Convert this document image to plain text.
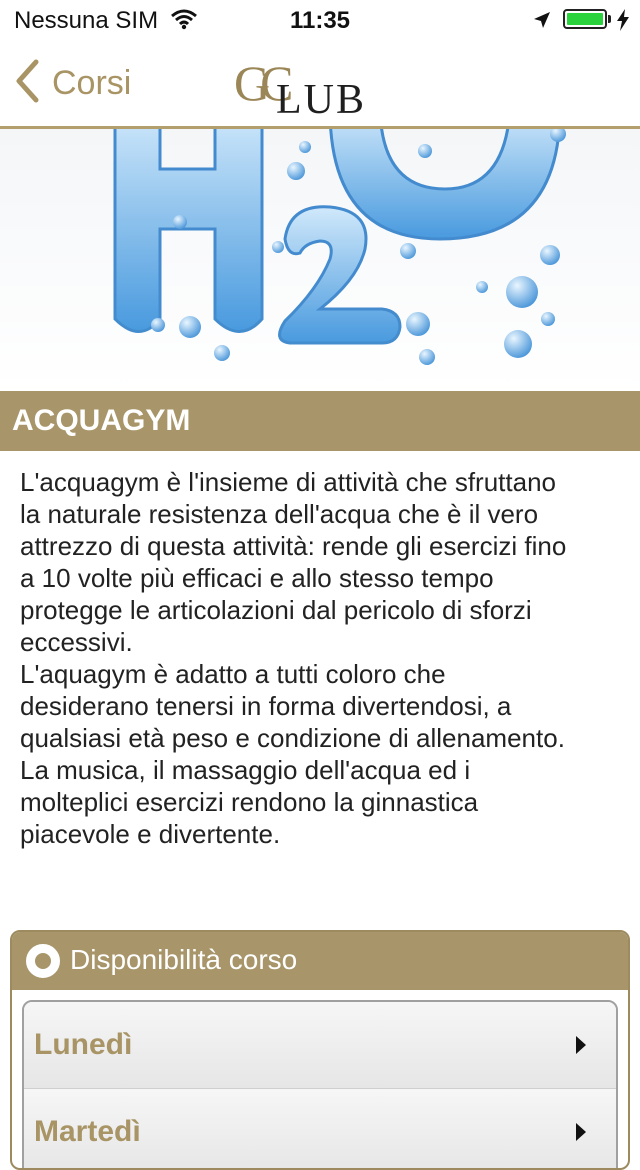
Nessuna SIM	11:35
Corsi GC
LUB
ACQUAGYM
L'acquagym è l'insieme di attività che sfruttano
la naturale resistenza dell'acqua che è il vero
attrezzo di questa attività: rende gli esercizi fino
a 10 volte più efficaci e allo stesso tempo
protegge le articolazioni dal pericolo di sforzi
eccessivi.
L'aquagym è adatto a tutti coloro che
desiderano tenersi in forma divertendosi, a
qualsiasi età peso e condizione di allenamento.
La musica, il massaggio dell'acqua ed i
molteplici esercizi rendono la ginnastica
piacevole e divertente.
Disponibilità corso
Lunedì
Martedì
